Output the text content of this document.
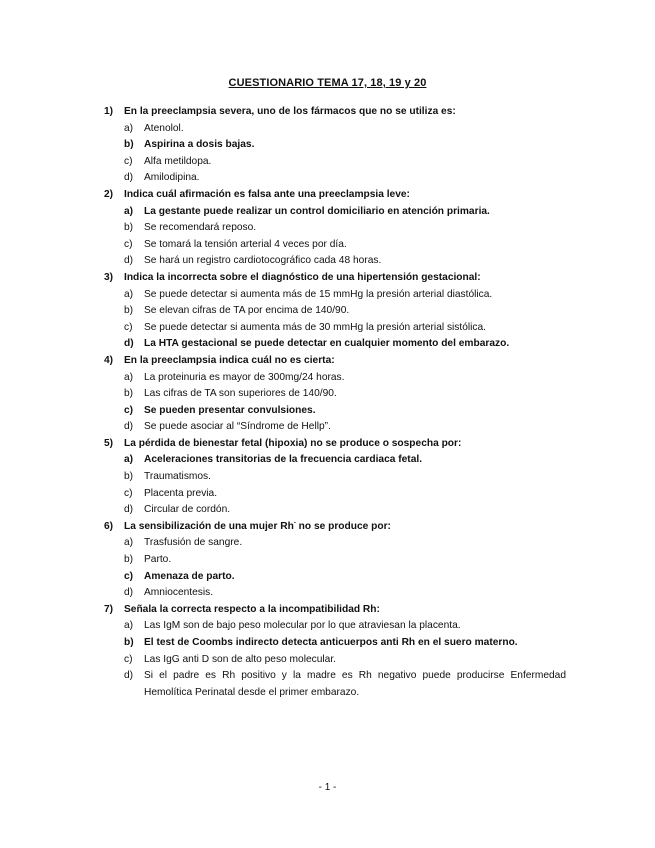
CUESTIONARIO TEMA 17, 18, 19 y 20
1)	En la preeclampsia severa, uno de los fármacos que no se utiliza es:
a)	Atenolol.
b)	Aspirina a dosis bajas.
c)	Alfa metildopa.
d)	Amilodipina.
2)	Indica cuál afirmación es falsa ante una preeclampsia leve:
a)	La gestante puede realizar un control domiciliario en atención primaria.
b)	Se recomendará reposo.
c)	Se tomará la tensión arterial 4 veces por día.
d)	Se hará un registro cardiotocográfico cada 48 horas.
3)	Indica la incorrecta sobre el diagnóstico de una hipertensión gestacional:
a)	Se puede detectar si aumenta más de 15 mmHg la presión arterial diastólica.
b)	Se elevan cifras de TA por encima de 140/90.
c)	Se puede detectar si aumenta más de 30 mmHg la presión arterial sistólica.
d)	La HTA gestacional se puede detectar en cualquier momento del embarazo.
4)	En la preeclampsia indica cuál no es cierta:
a)	La proteinuria es mayor de 300mg/24 horas.
b)	Las cifras de TA son superiores de 140/90.
c)	Se pueden presentar convulsiones.
d)	Se puede asociar al “Síndrome de Hellp”.
5)	La pérdida de bienestar fetal (hipoxia) no se produce o sospecha por:
a)	Aceleraciones transitorias de la frecuencia cardiaca fetal.
b)	Traumatismos.
c)	Placenta previa.
d)	Circular de cordón.
6)	La sensibilización de una mujer Rh- no se produce por:
a)	Trasfusión de sangre.
b)	Parto.
c)	Amenaza de parto.
d)	Amniocentesis.
7)	Señala la correcta respecto a la incompatibilidad Rh:
a)	Las IgM son de bajo peso molecular por lo que atraviesan la placenta.
b)	El test de Coombs indirecto detecta anticuerpos anti Rh en el suero materno.
c)	Las IgG anti D son de alto peso molecular.
d)	Si el padre es Rh positivo y la madre es Rh negativo puede producirse Enfermedad Hemolítica Perinatal desde el primer embarazo.
- 1 -
